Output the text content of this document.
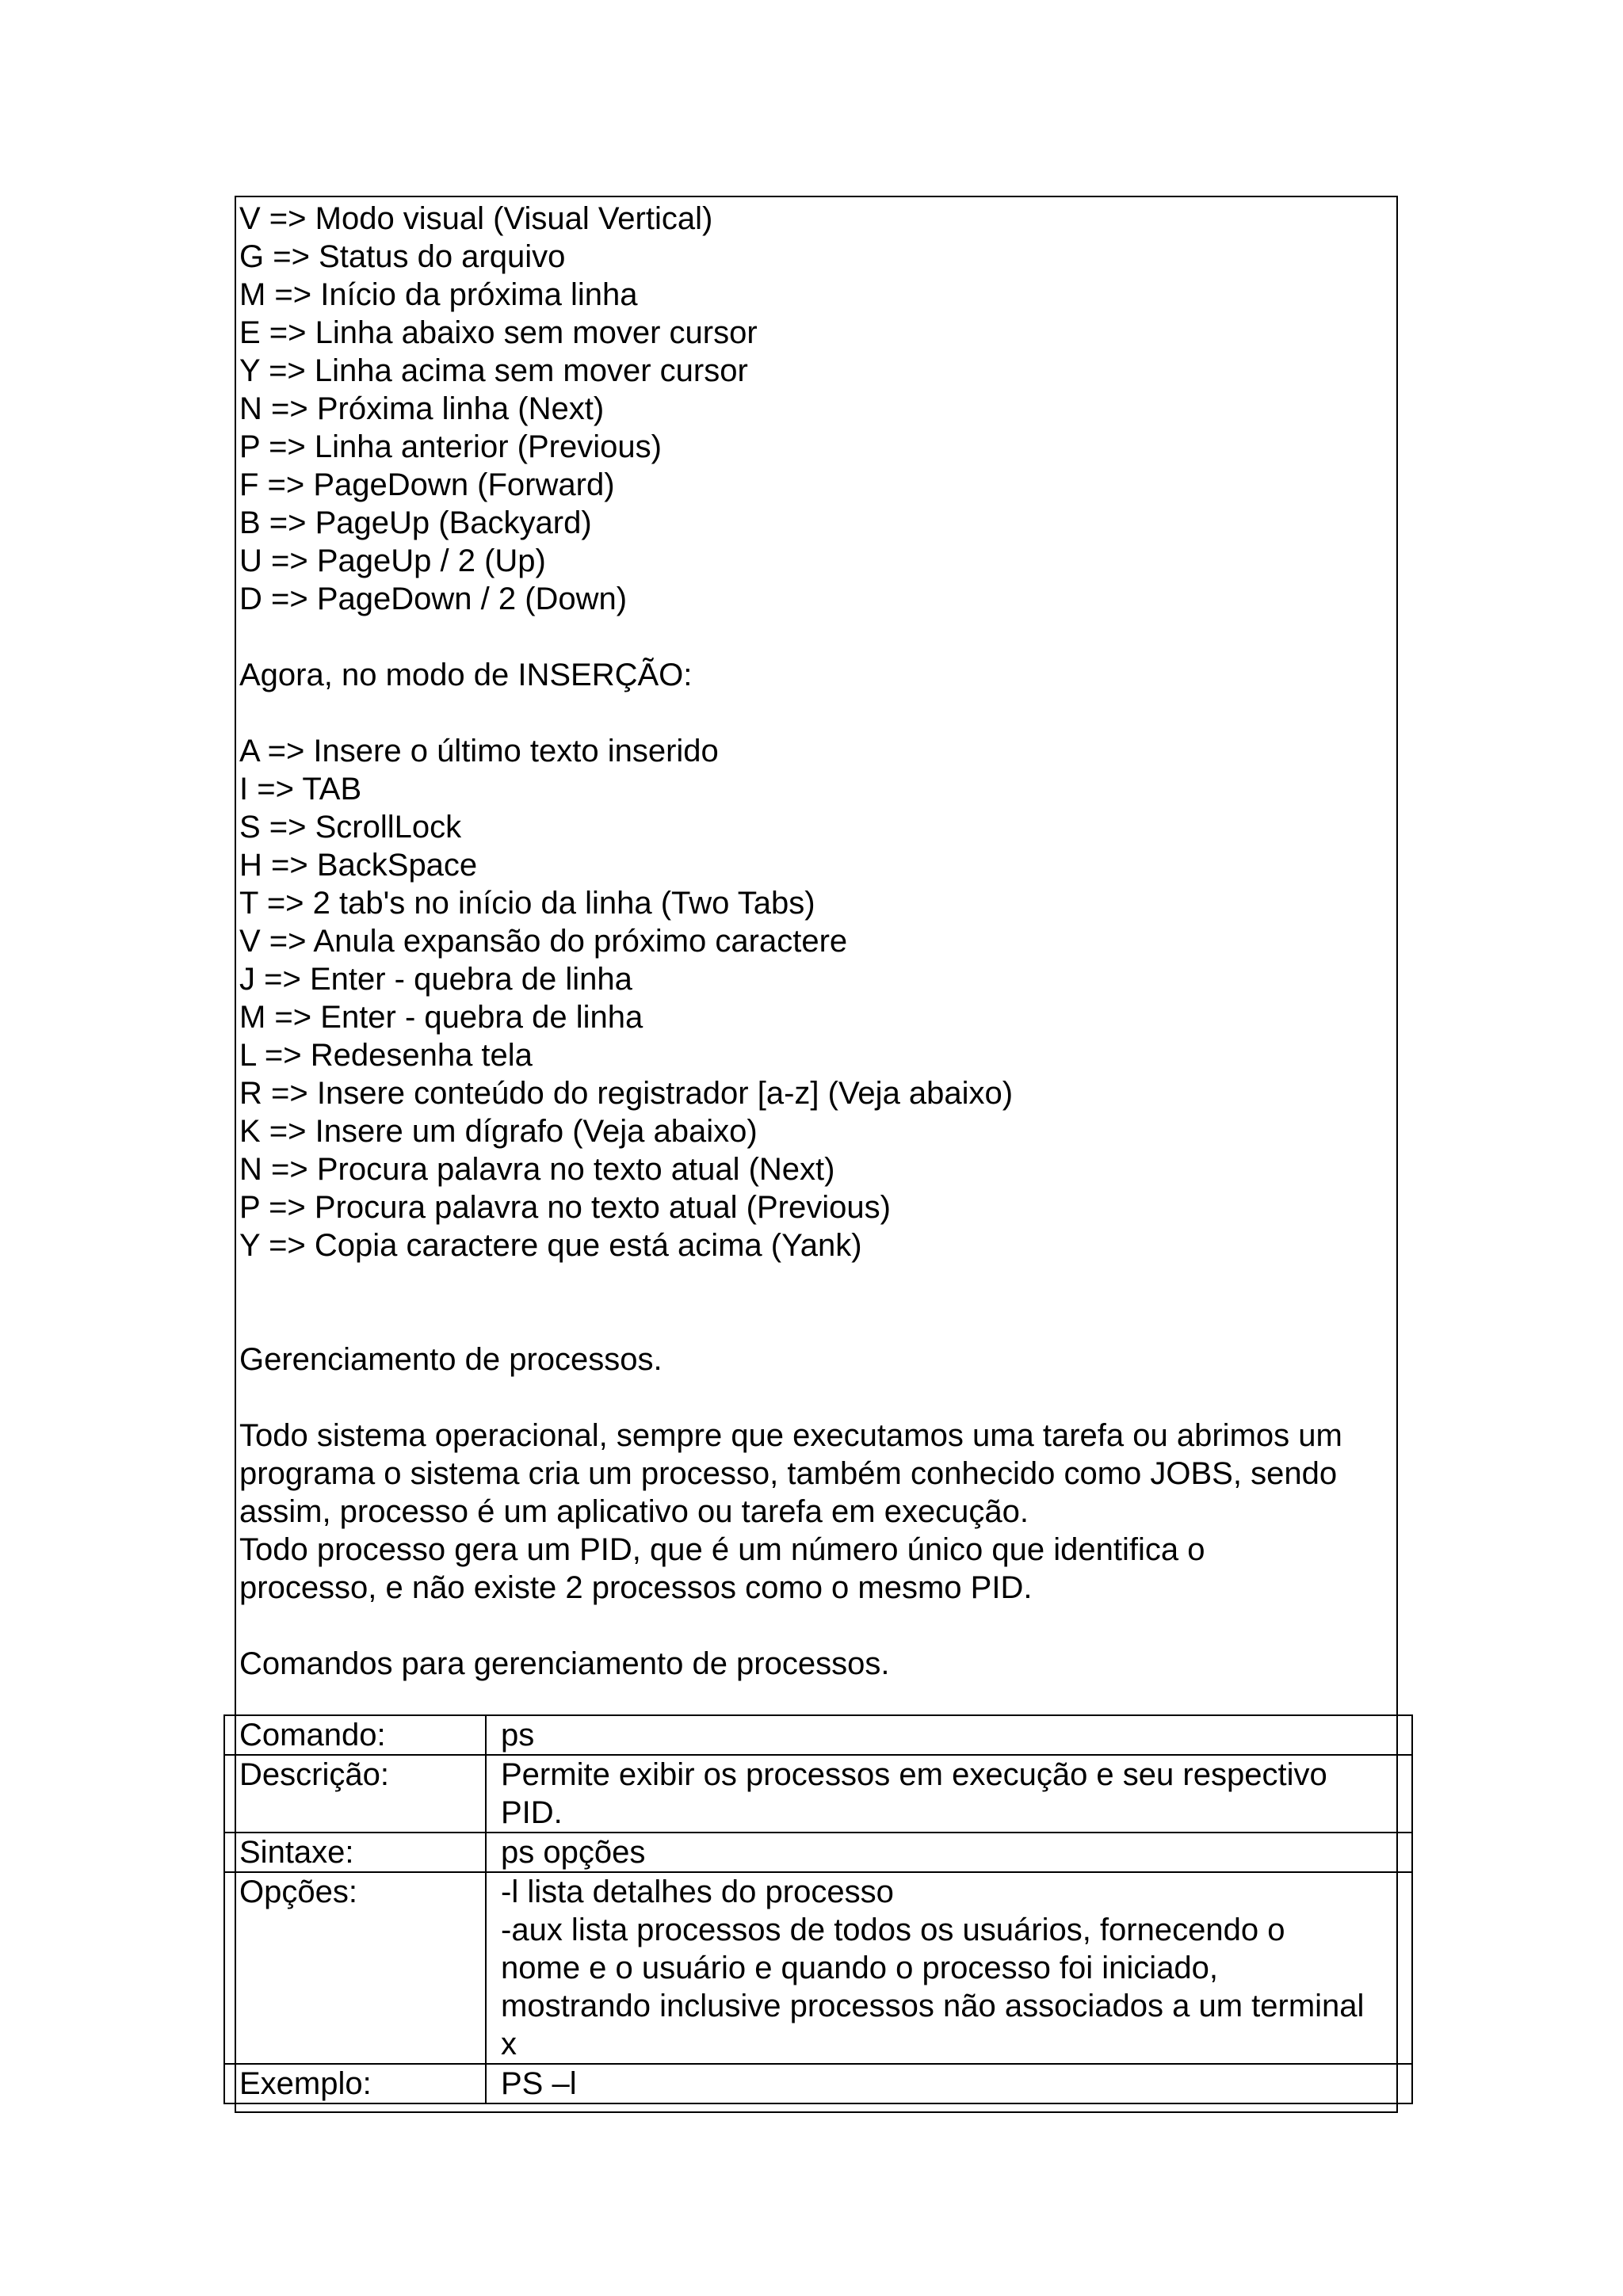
V => Modo visual (Visual Vertical)
G => Status do arquivo
M => Início da próxima linha
E => Linha abaixo sem mover cursor
Y => Linha acima sem mover cursor
N => Próxima linha (Next)
P => Linha anterior (Previous)
F => PageDown (Forward)
B => PageUp (Backyard)
U => PageUp / 2 (Up)
D => PageDown / 2 (Down)
Agora, no modo de INSERÇÃO:
A => Insere o último texto inserido
I => TAB
S => ScrollLock
H => BackSpace
T => 2 tab's no início da linha (Two Tabs)
V => Anula expansão do próximo caractere
J => Enter - quebra de linha
M => Enter - quebra de linha
L => Redesenha tela
R => Insere conteúdo do registrador [a-z] (Veja abaixo)
K => Insere um dígrafo (Veja abaixo)
N => Procura palavra no texto atual (Next)
P => Procura palavra no texto atual (Previous)
Y => Copia caractere que está acima (Yank)
Gerenciamento de processos.
Todo sistema operacional, sempre que executamos uma tarefa ou abrimos um
programa o sistema cria um processo, também conhecido como JOBS, sendo
assim, processo é um aplicativo ou tarefa em execução.
Todo processo gera um PID, que é um número único que identifica o
processo, e não existe 2 processos como o mesmo PID.
Comandos para gerenciamento de processos.
Comando:	ps

Descrição:	Permite exibir os processos em execução e seu respectivo
PID.

Sintaxe:	ps opções

Opções:	-l lista detalhes do processo
-aux lista processos de todos os usuários, fornecendo o
nome e o usuário e quando o processo foi iniciado,
mostrando inclusive processos não associados a um terminal
x

Exemplo:	PS –l
